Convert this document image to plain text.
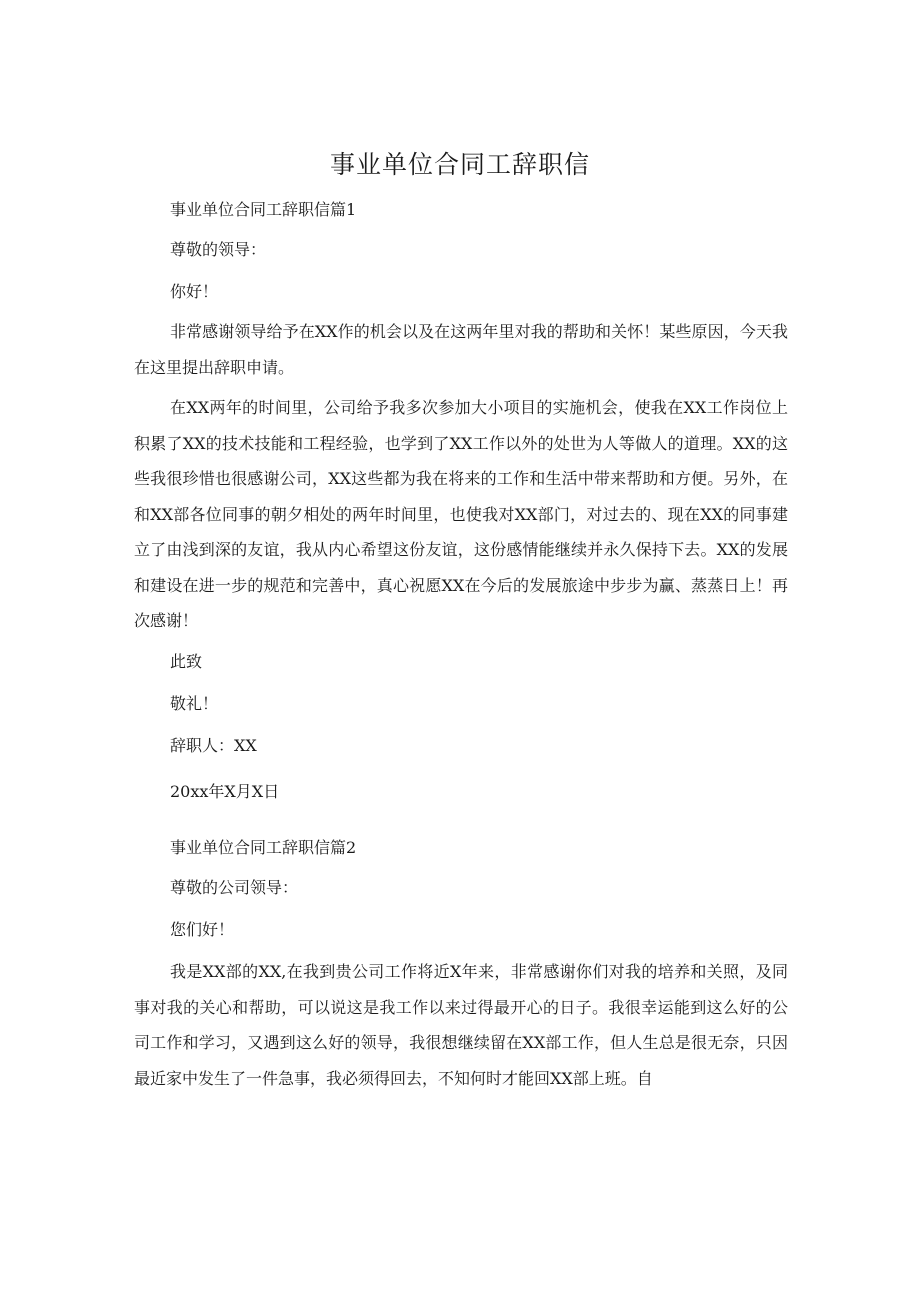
事业单位合同工辞职信
事业单位合同工辞职信篇1
尊敬的领导：
你好！

非常感谢领导给予在XX作的机会以及在这两年里对我的帮助和关怀！某些原因，今天我在这里提出辞职申请。

在XX两年的时间里，公司给予我多次参加大小项目的实施机会，使我在XX工作岗位上积累了XX的技术技能和工程经验，也学到了XX工作以外的处世为人等做人的道理。XX的这些我很珍惜也很感谢公司，XX这些都为我在将来的工作和生活中带来帮助和方便。另外，在和XX部各位同事的朝夕相处的两年时间里，也使我对XX部门，对过去的、现在XX的同事建立了由浅到深的友谊，我从内心希望这份友谊，这份感情能继续并永久保持下去。XX的发展和建设在进一步的规范和完善中，真心祝愿XX在今后的发展旅途中步步为赢、蒸蒸日上！再次感谢！

此致
敬礼！
辞职人：XX
20xx年X月X日
事业单位合同工辞职信篇2
尊敬的公司领导：
您们好！

我是XX部的XX,在我到贵公司工作将近X年来，非常感谢你们对我的培养和关照，及同事对我的关心和帮助，可以说这是我工作以来过得最开心的日子。我很幸运能到这么好的公司工作和学习，又遇到这么好的领导，我很想继续留在XX部工作，但人生总是很无奈，只因最近家中发生了一件急事，我必须得回去，不知何时才能回XX部上班。自
